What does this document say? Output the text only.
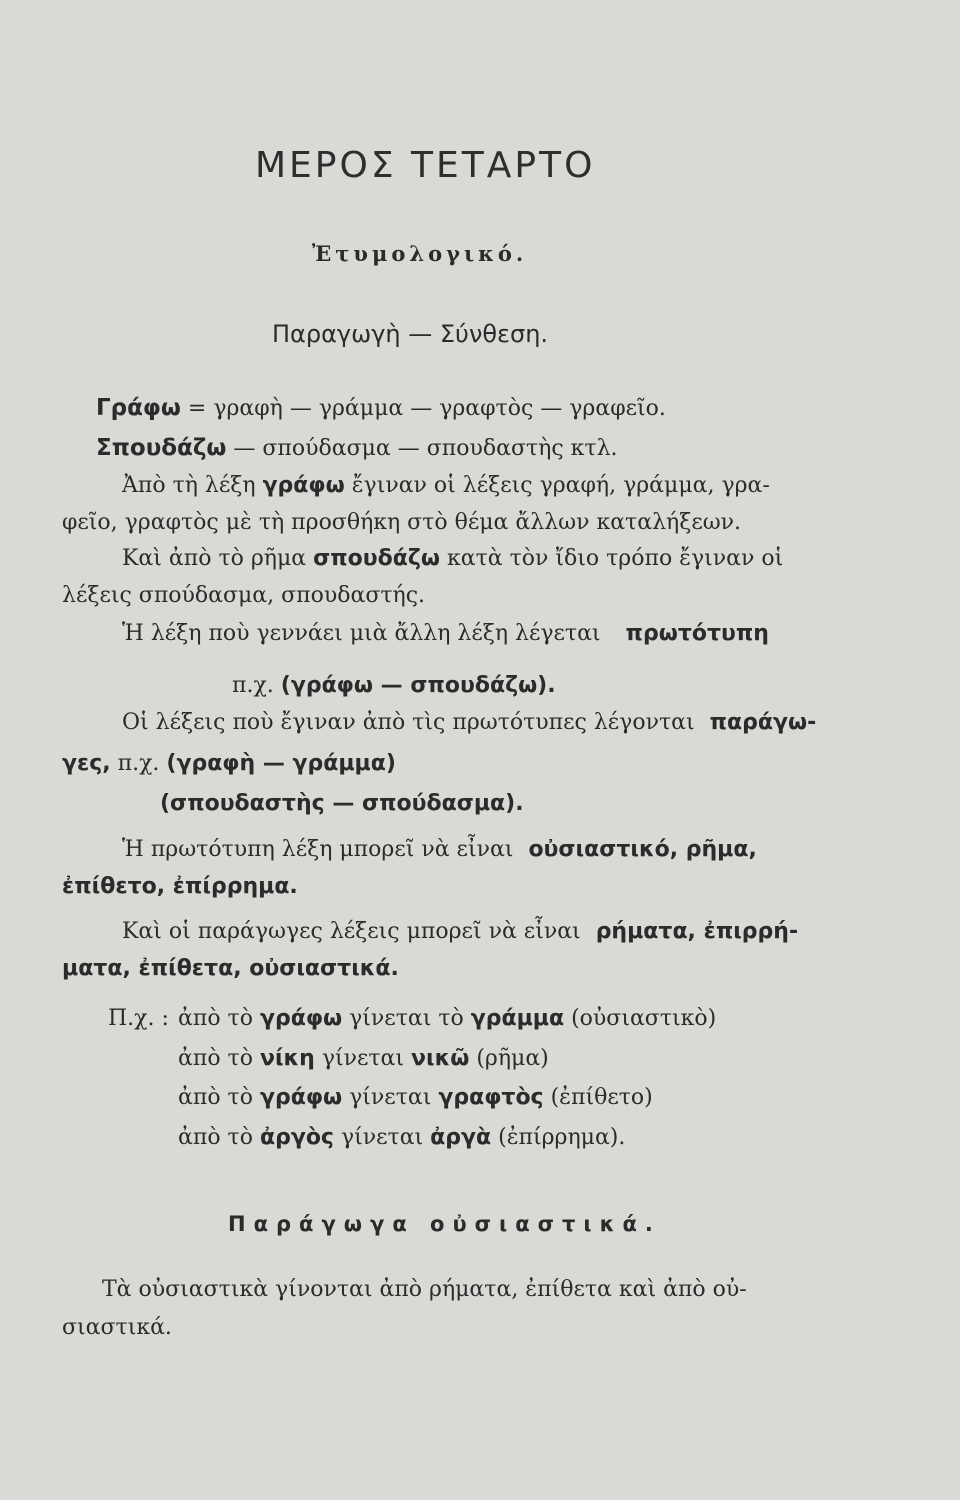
ΜΕΡΟΣ ΤΕΤΑΡΤΟ
Ἐτυμολογικό.
Παραγωγὴ — Σύνθεση.
Γράφω = γραφὴ — γράμμα — γραφτὸς — γραφεῖο.
Σπουδάζω — σπούδασμα — σπουδαστὴς κτλ.
Ἀπὸ τὴ λέξη γράφω ἔγιναν οἱ λέξεις γραφή, γράμμα, γρα-
φεῖο, γραφτὸς μὲ τὴ προσθήκη στὸ θέμα ἄλλων καταλήξεων.
Καὶ ἀπὸ τὸ ρῆμα σπουδάζω κατὰ τὸν ἴδιο τρόπο ἔγιναν οἱ
λέξεις σπούδασμα, σπουδαστής.
Ἡ λέξη ποὺ γεννάει μιὰ ἄλλη λέξη λέγεται πρωτότυπη
π.χ. (γράφω — σπουδάζω).
Οἱ λέξεις ποὺ ἔγιναν ἀπὸ τὶς πρωτότυπες λέγονται παράγω-
γες, π.χ. (γραφὴ — γράμμα)
(σπουδαστὴς — σπούδασμα).
Ἡ πρωτότυπη λέξη μπορεῖ νὰ εἶναι οὐσιαστικό, ρῆμα,
ἐπίθετο, ἐπίρρημα.
Καὶ οἱ παράγωγες λέξεις μπορεῖ νὰ εἶναι ρήματα, ἐπιρρή-
ματα, ἐπίθετα, οὐσιαστικά.
Π.χ. : ἀπὸ τὸ γράφω γίνεται τὸ γράμμα (οὐσιαστικὸ)
ἀπὸ τὸ νίκη γίνεται νικῶ (ρῆμα)
ἀπὸ τὸ γράφω γίνεται γραφτὸς (ἐπίθετο)
ἀπὸ τὸ ἀργὸς γίνεται ἀργὰ (ἐπίρρημα).
Παράγωγα οὐσιαστικά.
Τὰ οὐσιαστικὰ γίνονται ἀπὸ ρήματα, ἐπίθετα καὶ ἀπὸ οὐ-
σιαστικά.
